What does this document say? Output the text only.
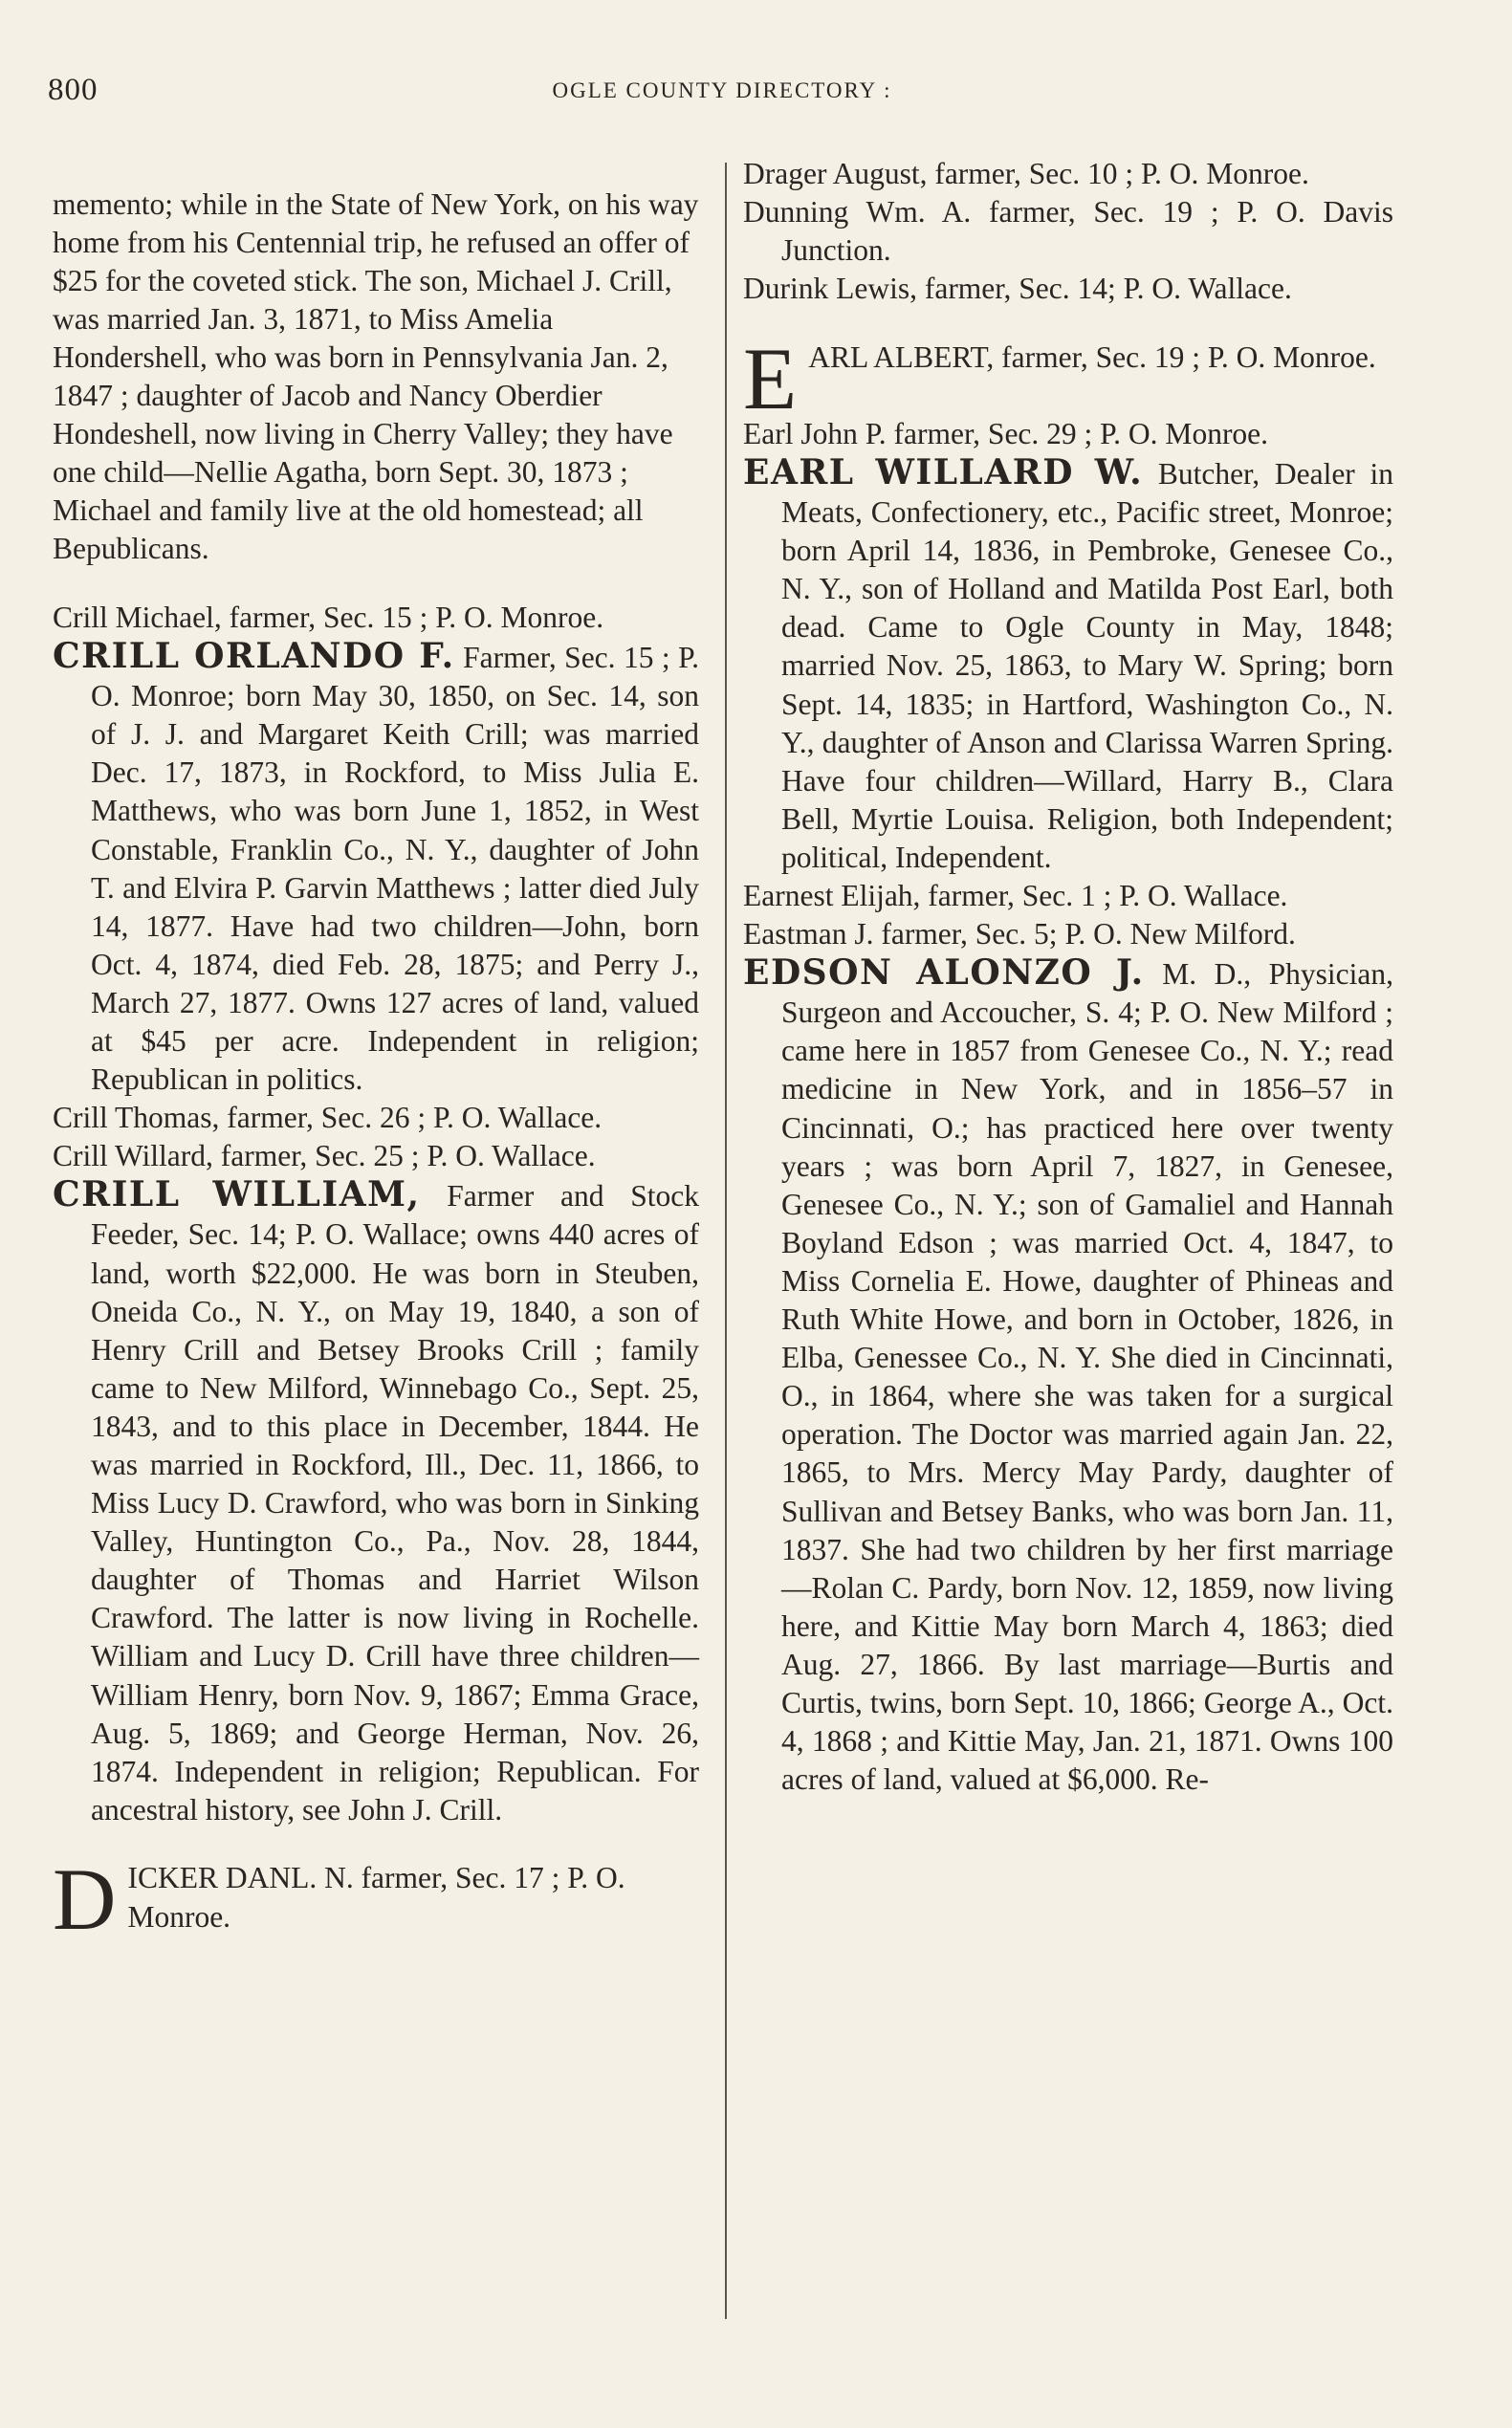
800	OGLE COUNTY DIRECTORY :

memento; while in the State of New York, on his way home from his Centennial trip, he refused an offer of $25 for the coveted stick. The son, Michael J. Crill, was married Jan. 3, 1871, to Miss Amelia Hondershell, who was born in Pennsylvania Jan. 2, 1847 ; daughter of Jacob and Nancy Oberdier Hondeshell, now living in Cherry Valley; they have one child—Nellie Agatha, born Sept. 30, 1873 ; Michael and family live at the old homestead; all Bepublicans.

Crill Michael, farmer, Sec. 15 ; P. O. Monroe.

CRILL ORLANDO F. Farmer, Sec. 15 ; P. O. Monroe; born May 30, 1850, on Sec. 14, son of J. J. and Margaret Keith Crill; was married Dec. 17, 1873, in Rockford, to Miss Julia E. Matthews, who was born June 1, 1852, in West Constable, Franklin Co., N. Y., daughter of John T. and Elvira P. Garvin Matthews ; latter died July 14, 1877. Have had two children—John, born Oct. 4, 1874, died Feb. 28, 1875; and Perry J., March 27, 1877. Owns 127 acres of land, valued at $45 per acre. Independent in religion; Republican in politics.

Crill Thomas, farmer, Sec. 26 ; P. O. Wallace.

Crill Willard, farmer, Sec. 25 ; P. O. Wallace.

CRILL WILLIAM, Farmer and Stock Feeder, Sec. 14; P. O. Wallace; owns 440 acres of land, worth $22,000. He was born in Steuben, Oneida Co., N. Y., on May 19, 1840, a son of Henry Crill and Betsey Brooks Crill ; family came to New Milford, Winnebago Co., Sept. 25, 1843, and to this place in December, 1844. He was married in Rockford, Ill., Dec. 11, 1866, to Miss Lucy D. Crawford, who was born in Sinking Valley, Huntington Co., Pa., Nov. 28, 1844, daughter of Thomas and Harriet Wilson Crawford. The latter is now living in Rochelle. William and Lucy D. Crill have three children—William Henry, born Nov. 9, 1867; Emma Grace, Aug. 5, 1869; and George Herman, Nov. 26, 1874. Independent in religion; Republican. For ancestral history, see John J. Crill.

DICKER DANL. N. farmer, Sec. 17 ; P. O. Monroe.

Drager August, farmer, Sec. 10 ; P. O. Monroe.

Dunning Wm. A. farmer, Sec. 19 ; P. O. Davis Junction.

Durink Lewis, farmer, Sec. 14; P. O. Wallace.

EARL ALBERT, farmer, Sec. 19 ; P. O. Monroe.

Earl John P. farmer, Sec. 29 ; P. O. Monroe.

EARL WILLARD W. Butcher, Dealer in Meats, Confectionery, etc., Pacific street, Monroe; born April 14, 1836, in Pembroke, Genesee Co., N. Y., son of Holland and Matilda Post Earl, both dead. Came to Ogle County in May, 1848; married Nov. 25, 1863, to Mary W. Spring; born Sept. 14, 1835; in Hartford, Washington Co., N. Y., daughter of Anson and Clarissa Warren Spring. Have four children—Willard, Harry B., Clara Bell, Myrtie Louisa. Religion, both Independent; political, Independent.

Earnest Elijah, farmer, Sec. 1 ; P. O. Wallace.

Eastman J. farmer, Sec. 5; P. O. New Milford.

EDSON ALONZO J. M. D., Physician, Surgeon and Accoucher, S. 4; P. O. New Milford ; came here in 1857 from Genesee Co., N. Y.; read medicine in New York, and in 1856–57 in Cincinnati, O.; has practiced here over twenty years ; was born April 7, 1827, in Genesee, Genesee Co., N. Y.; son of Gamaliel and Hannah Boyland Edson ; was married Oct. 4, 1847, to Miss Cornelia E. Howe, daughter of Phineas and Ruth White Howe, and born in October, 1826, in Elba, Genessee Co., N. Y. She died in Cincinnati, O., in 1864, where she was taken for a surgical operation. The Doctor was married again Jan. 22, 1865, to Mrs. Mercy May Pardy, daughter of Sullivan and Betsey Banks, who was born Jan. 11, 1837. She had two children by her first marriage—Rolan C. Pardy, born Nov. 12, 1859, now living here, and Kittie May born March 4, 1863; died Aug. 27, 1866. By last marriage—Burtis and Curtis, twins, born Sept. 10, 1866; George A., Oct. 4, 1868 ; and Kittie May, Jan. 21, 1871. Owns 100 acres of land, valued at $6,000. Re-
